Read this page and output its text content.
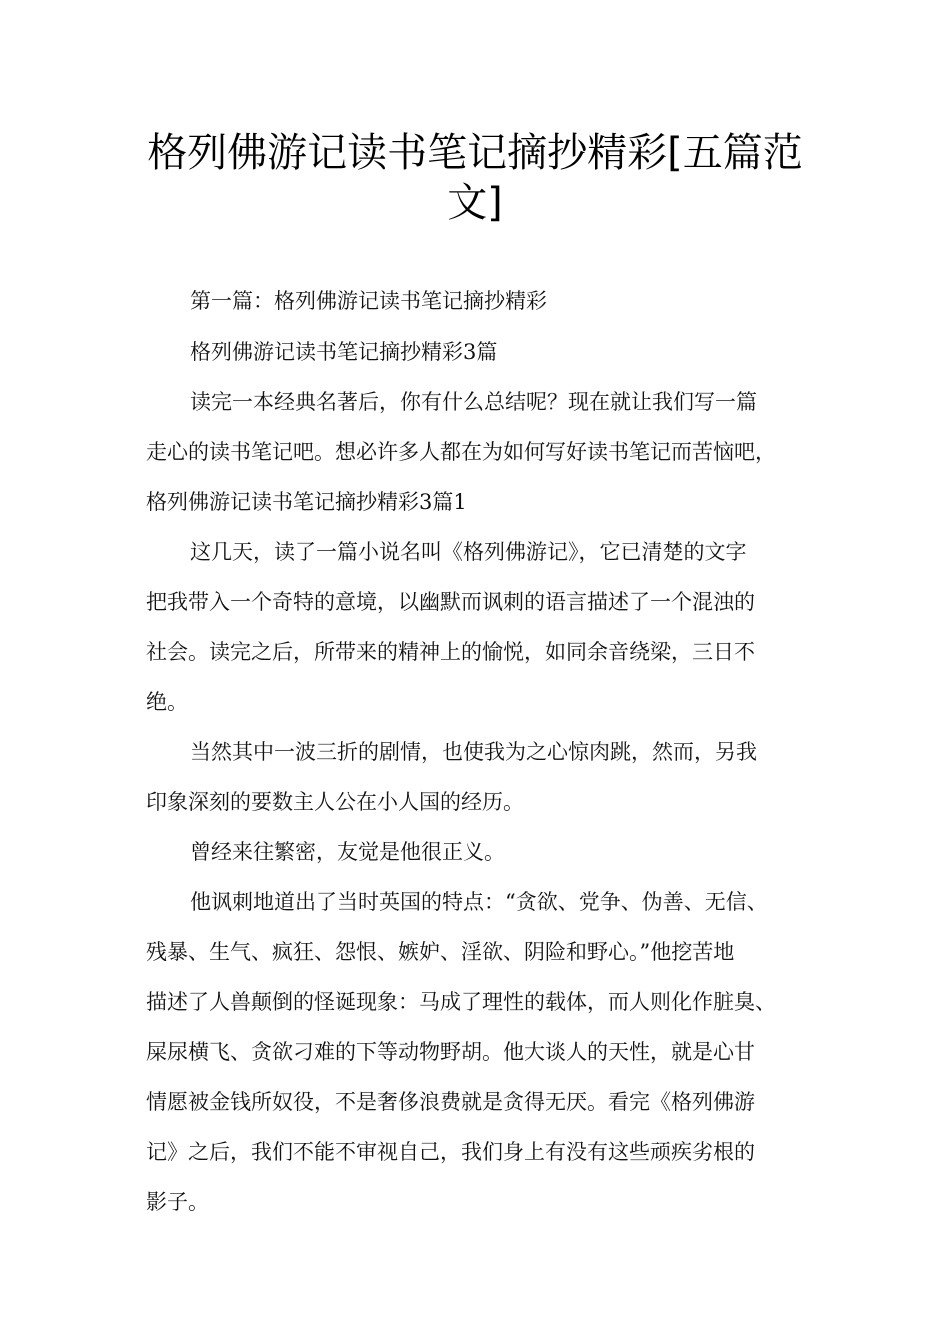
格列佛游记读书笔记摘抄精彩[五篇范
文]

第一篇：格列佛游记读书笔记摘抄精彩

格列佛游记读书笔记摘抄精彩3篇

读完一本经典名著后，你有什么总结呢？现在就让我们写一篇

走心的读书笔记吧。想必许多人都在为如何写好读书笔记而苦恼吧，

格列佛游记读书笔记摘抄精彩3篇1

这几天，读了一篇小说名叫《格列佛游记》，它已清楚的文字

把我带入一个奇特的意境，以幽默而讽刺的语言描述了一个混浊的

社会。读完之后，所带来的精神上的愉悦，如同余音绕梁，三日不

绝。

当然其中一波三折的剧情，也使我为之心惊肉跳，然而，另我

印象深刻的要数主人公在小人国的经历。

曾经来往繁密，友觉是他很正义。

他讽刺地道出了当时英国的特点：“贪欲、党争、伪善、无信、

残暴、生气、疯狂、怨恨、嫉妒、淫欲、阴险和野心。”他挖苦地

描述了人兽颠倒的怪诞现象：马成了理性的载体，而人则化作脏臭、

屎尿横飞、贪欲刁难的下等动物野胡。他大谈人的天性，就是心甘

情愿被金钱所奴役，不是奢侈浪费就是贪得无厌。看完《格列佛游

记》之后，我们不能不审视自己，我们身上有没有这些顽疾劣根的

影子。
